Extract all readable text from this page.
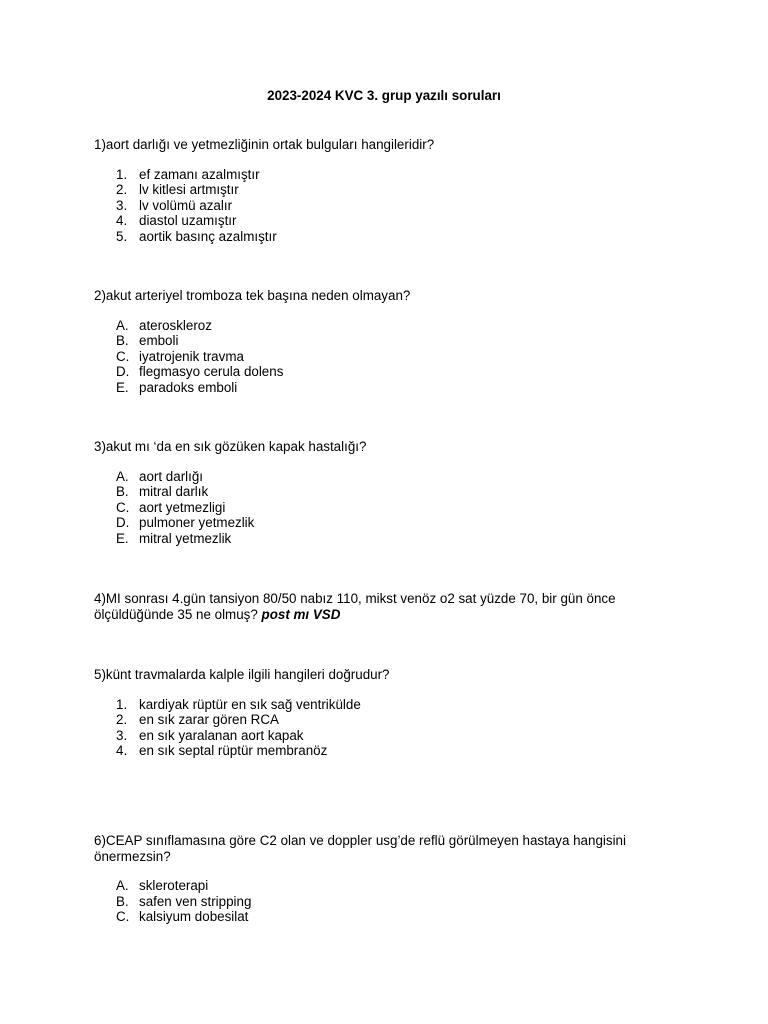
2023-2024 KVC 3. grup yazılı soruları

1)aort darlığı ve yetmezliğinin ortak bulguları hangileridir?

1. ef zamanı azalmıştır
2. lv kitlesi artmıştır
3. lv volümü azalır
4. diastol uzamıştır
5. aortik basınç azalmıştır

2)akut arteriyel tromboza tek başına neden olmayan?

A. ateroskleroz
B. emboli
C. iyatrojenik travma
D. flegmasyo cerula dolens
E. paradoks emboli

3)akut mı ‘da en sık gözüken kapak hastalığı?

A. aort darlığı
B. mitral darlık
C. aort yetmezligi
D. pulmoner yetmezlik
E. mitral yetmezlik

4)MI sonrası 4.gün tansiyon 80/50 nabız 110, mikst venöz o2 sat yüzde 70, bir gün önce
ölçüldüğünde 35 ne olmuş? post mı VSD

5)künt travmalarda kalple ilgili hangileri doğrudur?

1. kardiyak rüptür en sık sağ ventrikülde
2. en sık zarar gören RCA
3. en sık yaralanan aort kapak
4. en sık septal rüptür membranöz

6)CEAP sınıflamasına göre C2 olan ve doppler usg’de reflü görülmeyen hastaya hangisini
önermezsin?

A. skleroterapi
B. safen ven stripping
C. kalsiyum dobesilat
